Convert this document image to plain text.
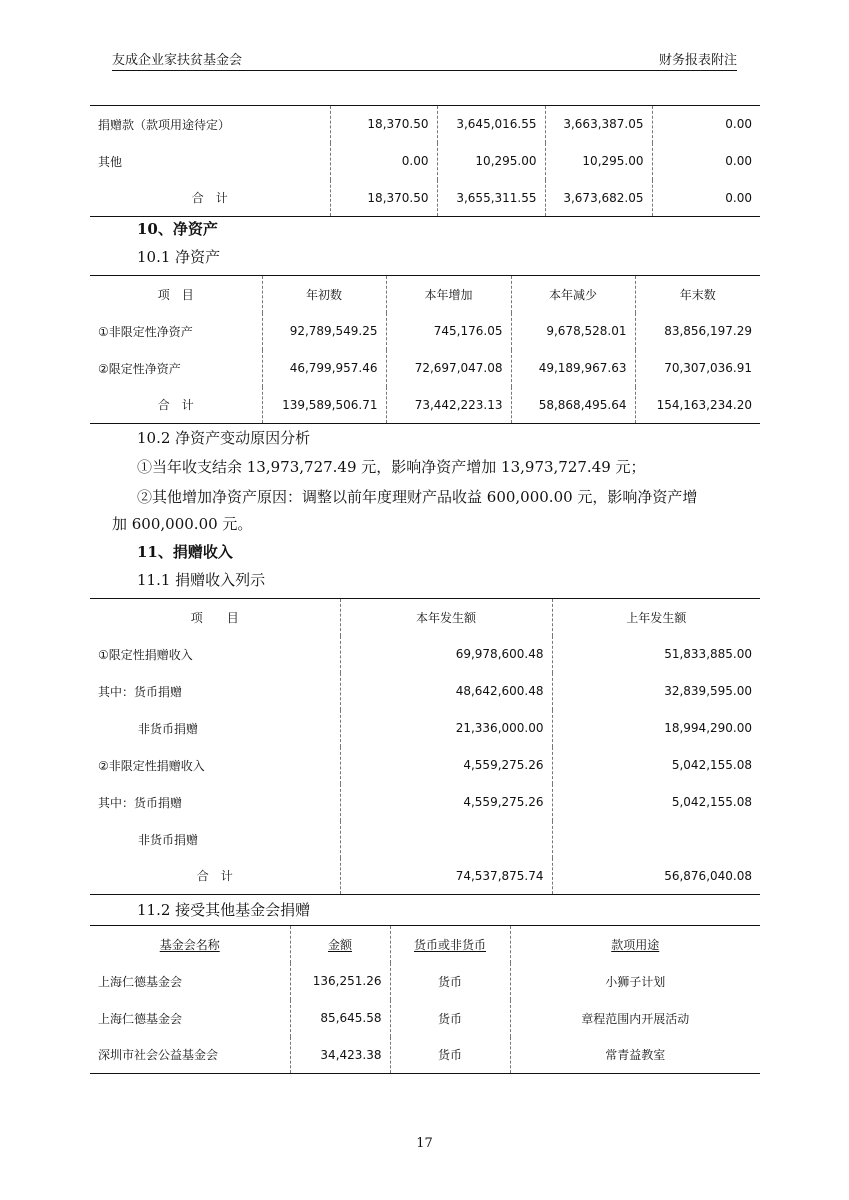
友成企业家扶贫基金会	财务报表附注
捐赠款（款项用途待定）	18,370.50	3,645,016.55	3,663,387.05	0.00
其他	0.00	10,295.00	10,295.00	0.00
合　计	18,370.50	3,655,311.55	3,673,682.05	0.00
10、净资产
10.1 净资产
项　目	年初数	本年增加	本年减少	年末数
①非限定性净资产	92,789,549.25	745,176.05	9,678,528.01	83,856,197.29
②限定性净资产	46,799,957.46	72,697,047.08	49,189,967.63	70,307,036.91
合　计	139,589,506.71	73,442,223.13	58,868,495.64	154,163,234.20
10.2 净资产变动原因分析
①当年收支结余 13,973,727.49 元，影响净资产增加 13,973,727.49 元；
②其他增加净资产原因：调整以前年度理财产品收益 600,000.00 元，影响净资产增
加 600,000.00 元。
11、捐赠收入
11.1 捐赠收入列示
项　　目	本年发生额	上年发生额
①限定性捐赠收入	69,978,600.48	51,833,885.00
其中：货币捐赠	48,642,600.48	32,839,595.00
非货币捐赠	21,336,000.00	18,994,290.00
②非限定性捐赠收入	4,559,275.26	5,042,155.08
其中：货币捐赠	4,559,275.26	5,042,155.08
非货币捐赠		
合　计	74,537,875.74	56,876,040.08
11.2 接受其他基金会捐赠
基金会名称	金额	货币或非货币	款项用途
上海仁德基金会	136,251.26	货币	小狮子计划
上海仁德基金会	85,645.58	货币	章程范围内开展活动
深圳市社会公益基金会	34,423.38	货币	常青益教室
17
